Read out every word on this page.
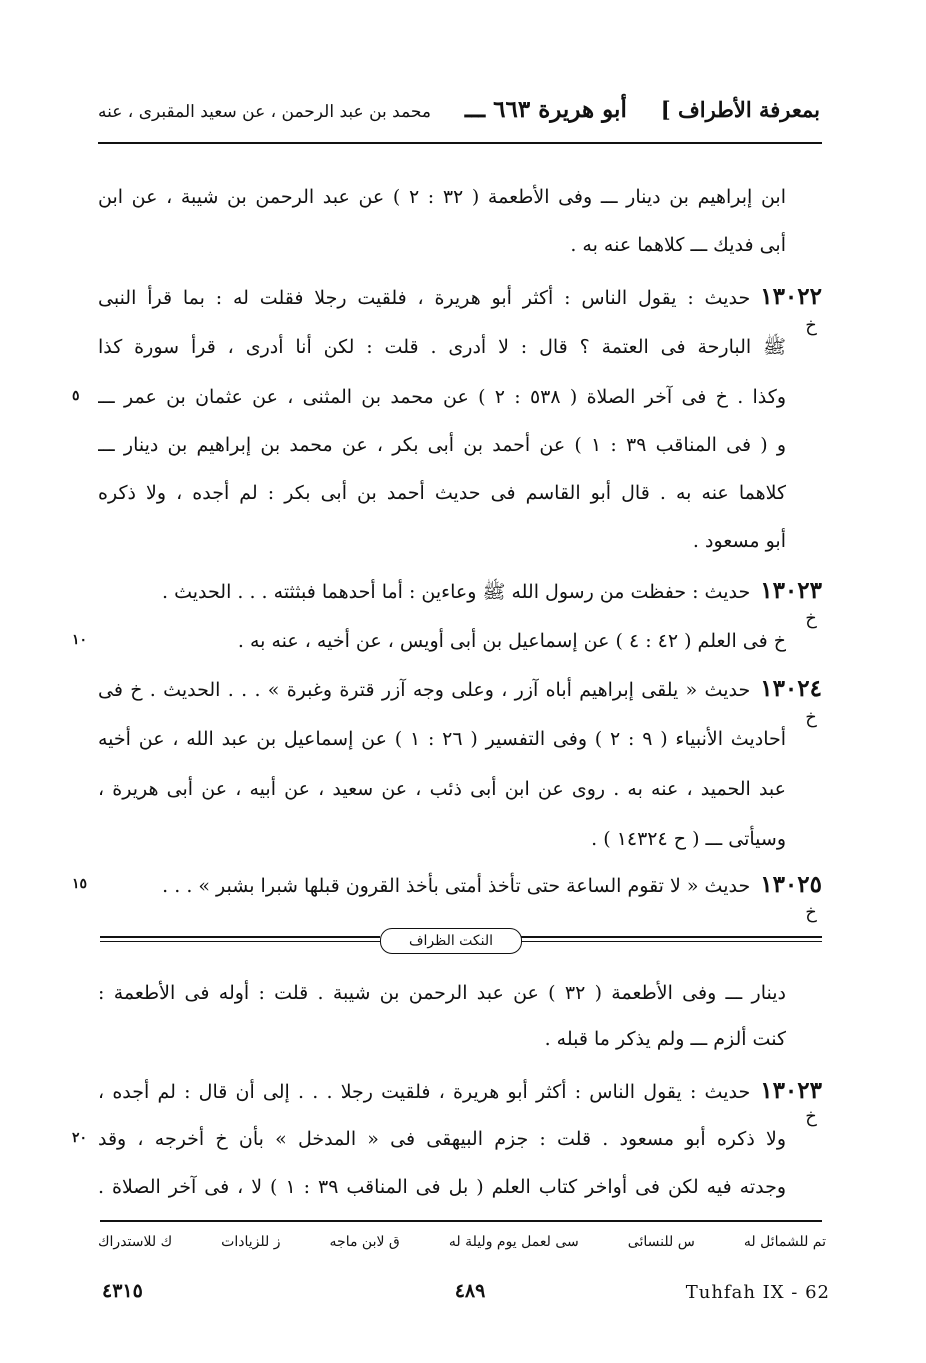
بمعرفة الأطراف ]
أبو هريرة ٦٦٣ ـــ
محمد بن عبد الرحمن ، عن سعيد المقبرى ، عنه
ابن إبراهيم بن دينار ـــ وفى الأطعمة ( ٣٢ : ٢ ) عن عبد الرحمن بن شيبة ، عن ابن
أبى فديك ـــ كلاهما عنه به .
١٣٠٢٢حديث : يقول الناس : أكثر أبو هريرة ، فلقيت رجلا فقلت له : بما قرأ النبى
خ
ﷺ البارحة فى العتمة ؟ قال : لا أدرى . قلت : لكن أنا أدرى ، قرأ سورة كذا
وكذا . خ فى آخر الصلاة ( ٥٣٨ : ٢ ) عن محمد بن المثنى ، عن عثمان بن عمر ـــ
٥
و ( فى المناقب ٣٩ : ١ ) عن أحمد بن أبى بكر ، عن محمد بن إبراهيم بن دينار ـــ
كلاهما عنه به . قال أبو القاسم فى حديث أحمد بن أبى بكر : لم أجده ، ولا ذكره
أبو مسعود .
١٣٠٢٣حديث : حفظت من رسول الله ﷺ وعاءين : أما أحدهما فبثثته . . . الحديث .
خ
خ فى العلم ( ٤٢ : ٤ ) عن إسماعيل بن أبى أويس ، عن أخيه ، عنه به .
١٠
١٣٠٢٤حديث « يلقى إبراهيم أباه آزر ، وعلى وجه آزر قترة وغبرة » . . . الحديث . خ فى
خ
أحاديث الأنبياء ( ٩ : ٢ ) وفى التفسير ( ٢٦ : ١ ) عن إسماعيل بن عبد الله ، عن أخيه
عبد الحميد ، عنه به . روى عن ابن أبى ذئب ، عن سعيد ، عن أبيه ، عن أبى هريرة ،
وسيأتى ـــ ( ح ١٤٣٢٤ ) .
١٣٠٢٥حديث « لا تقوم الساعة حتى تأخذ أمتى بأخذ القرون قبلها شبرا بشبر » . . .
١٥
خ
النكت الظراف
دينار ـــ وفى الأطعمة ( ٣٢ ) عن عبد الرحمن بن شيبة . قلت : أوله فى الأطعمة :
كنت ألزم ـــ ولم يذكر ما قبله .
١٣٠٢٣حديث : يقول الناس : أكثر أبو هريرة ، فلقيت رجلا . . . إلى أن قال : لم أجده ،
خ
ولا ذكره أبو مسعود . قلت : جزم البيهقى فى « المدخل » بأن خ أخرجه ، وقد
٢٠
وجدته فيه لكن فى أواخر كتاب العلم ( بل فى المناقب ٣٩ : ١ ) لا ، فى آخر الصلاة .
تم للشمائل له
س للنسائى
سى لعمل يوم وليلة له
ق لابن ماجه
ز للزيادات
ك للاستدراك
٤٣١٥	٤٨٩	Tuhfah IX - 62
